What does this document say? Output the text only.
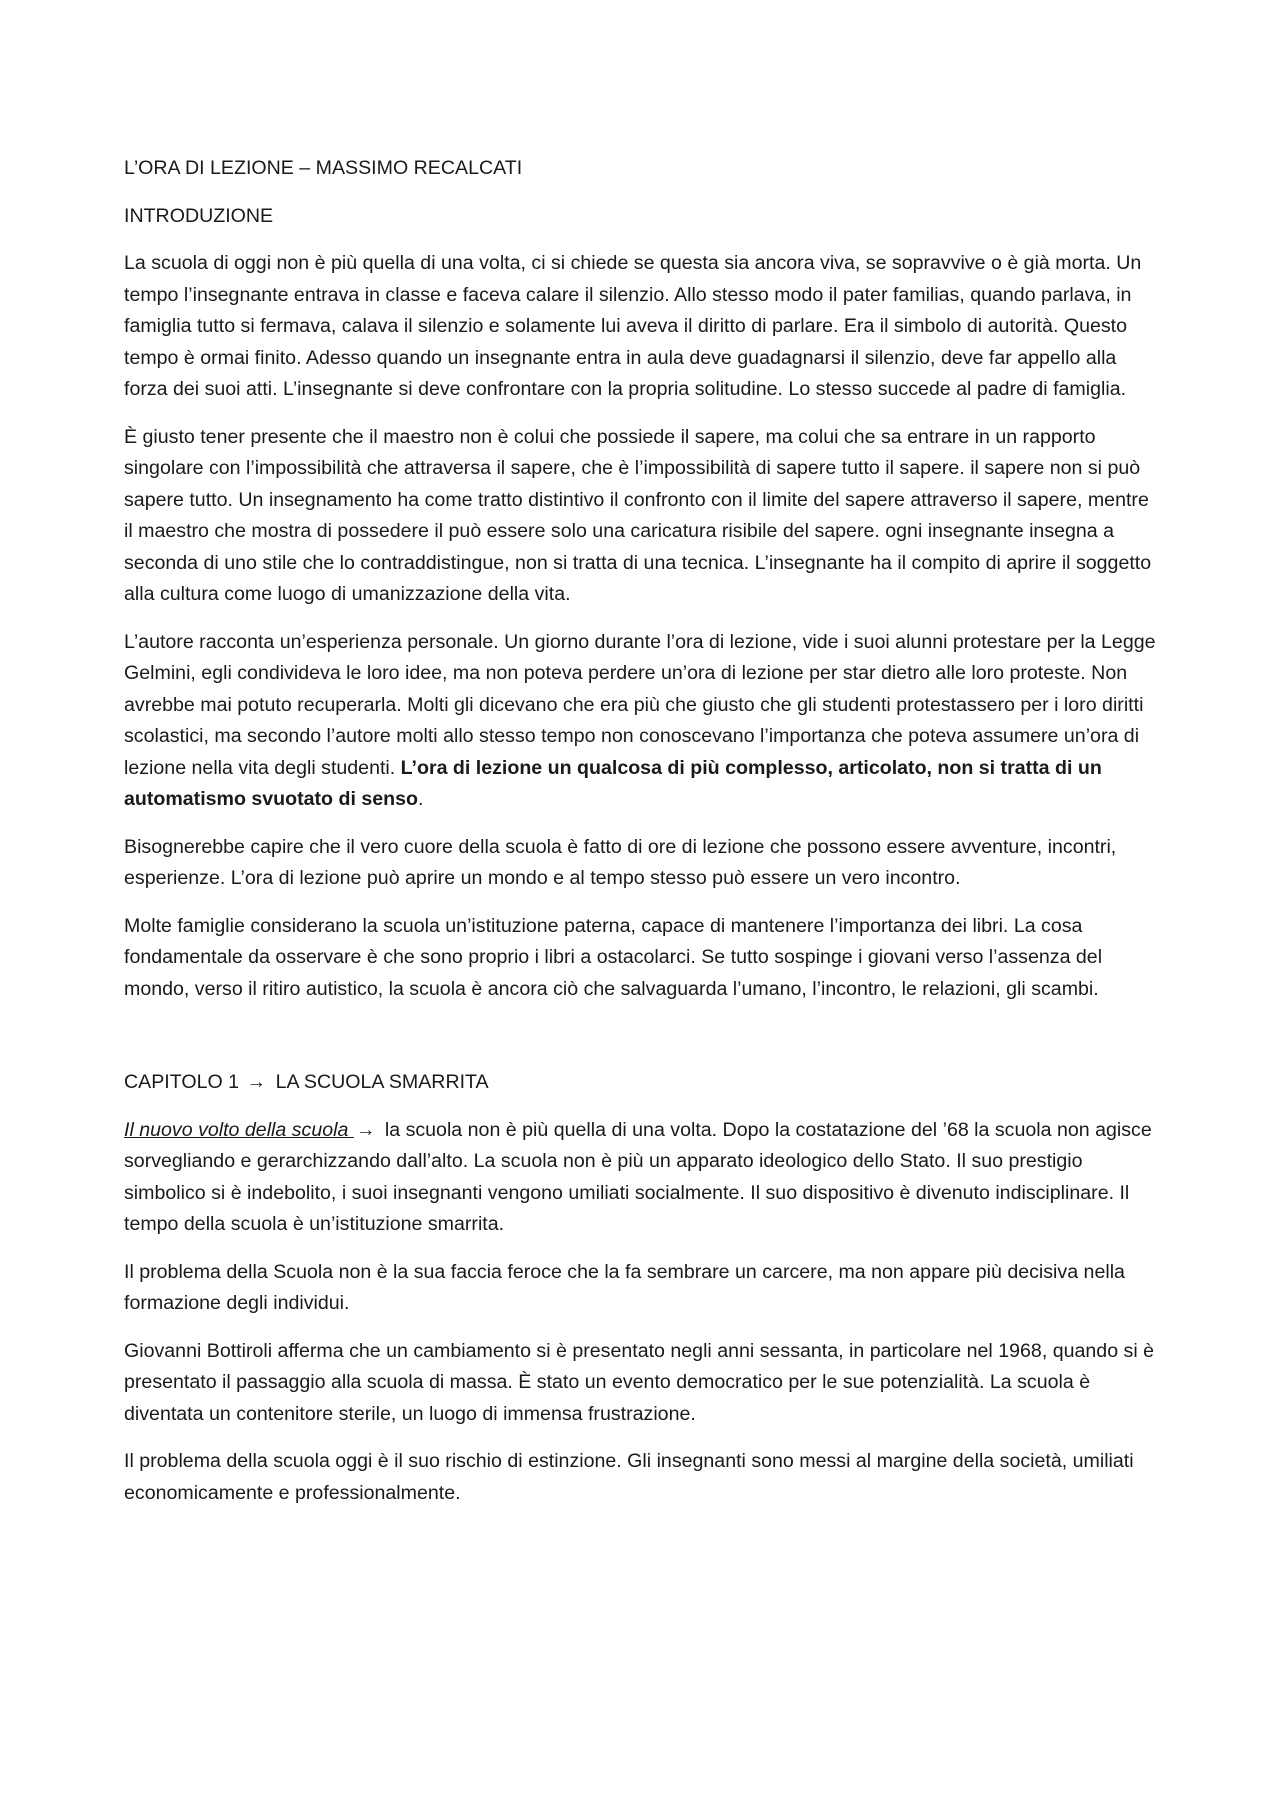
L’ORA DI LEZIONE – MASSIMO RECALCATI

INTRODUZIONE

La scuola di oggi non è più quella di una volta, ci si chiede se questa sia ancora viva, se sopravvive o è già morta. Un tempo l’insegnante entrava in classe e faceva calare il silenzio. Allo stesso modo il pater familias, quando parlava, in famiglia tutto si fermava, calava il silenzio e solamente lui aveva il diritto di parlare. Era il simbolo di autorità. Questo tempo è ormai finito. Adesso quando un insegnante entra in aula deve guadagnarsi il silenzio, deve far appello alla forza dei suoi atti. L’insegnante si deve confrontare con la propria solitudine. Lo stesso succede al padre di famiglia.

È giusto tener presente che il maestro non è colui che possiede il sapere, ma colui che sa entrare in un rapporto singolare con l’impossibilità che attraversa il sapere, che è l’impossibilità di sapere tutto il sapere. il sapere non si può sapere tutto. Un insegnamento ha come tratto distintivo il confronto con il limite del sapere attraverso il sapere, mentre il maestro che mostra di possedere il può essere solo una caricatura risibile del sapere. ogni insegnante insegna a seconda di uno stile che lo contraddistingue, non si tratta di una tecnica. L’insegnante ha il compito di aprire il soggetto alla cultura come luogo di umanizzazione della vita.

L’autore racconta un’esperienza personale. Un giorno durante l’ora di lezione, vide i suoi alunni protestare per la Legge Gelmini, egli condivideva le loro idee, ma non poteva perdere un’ora di lezione per star dietro alle loro proteste. Non avrebbe mai potuto recuperarla. Molti gli dicevano che era più che giusto che gli studenti protestassero per i loro diritti scolastici, ma secondo l’autore molti allo stesso tempo non conoscevano l’importanza che poteva assumere un’ora di lezione nella vita degli studenti. L’ora di lezione un qualcosa di più complesso, articolato, non si tratta di un automatismo svuotato di senso.

Bisognerebbe capire che il vero cuore della scuola è fatto di ore di lezione che possono essere avventure, incontri, esperienze. L’ora di lezione può aprire un mondo e al tempo stesso può essere un vero incontro.

Molte famiglie considerano la scuola un’istituzione paterna, capace di mantenere l’importanza dei libri. La cosa fondamentale da osservare è che sono proprio i libri a ostacolarci. Se tutto sospinge i giovani verso l’assenza del mondo, verso il ritiro autistico, la scuola è ancora ciò che salvaguarda l’umano, l’incontro, le relazioni, gli scambi.

CAPITOLO 1 → LA SCUOLA SMARRITA

Il nuovo volto della scuola → la scuola non è più quella di una volta. Dopo la costatazione del ’68 la scuola non agisce sorvegliando e gerarchizzando dall’alto. La scuola non è più un apparato ideologico dello Stato. Il suo prestigio simbolico si è indebolito, i suoi insegnanti vengono umiliati socialmente. Il suo dispositivo è divenuto indisciplinare. Il tempo della scuola è un’istituzione smarrita.

Il problema della Scuola non è la sua faccia feroce che la fa sembrare un carcere, ma non appare più decisiva nella formazione degli individui.

Giovanni Bottiroli afferma che un cambiamento si è presentato negli anni sessanta, in particolare nel 1968, quando si è presentato il passaggio alla scuola di massa. È stato un evento democratico per le sue potenzialità. La scuola è diventata un contenitore sterile, un luogo di immensa frustrazione.

Il problema della scuola oggi è il suo rischio di estinzione. Gli insegnanti sono messi al margine della società, umiliati economicamente e professionalmente.
